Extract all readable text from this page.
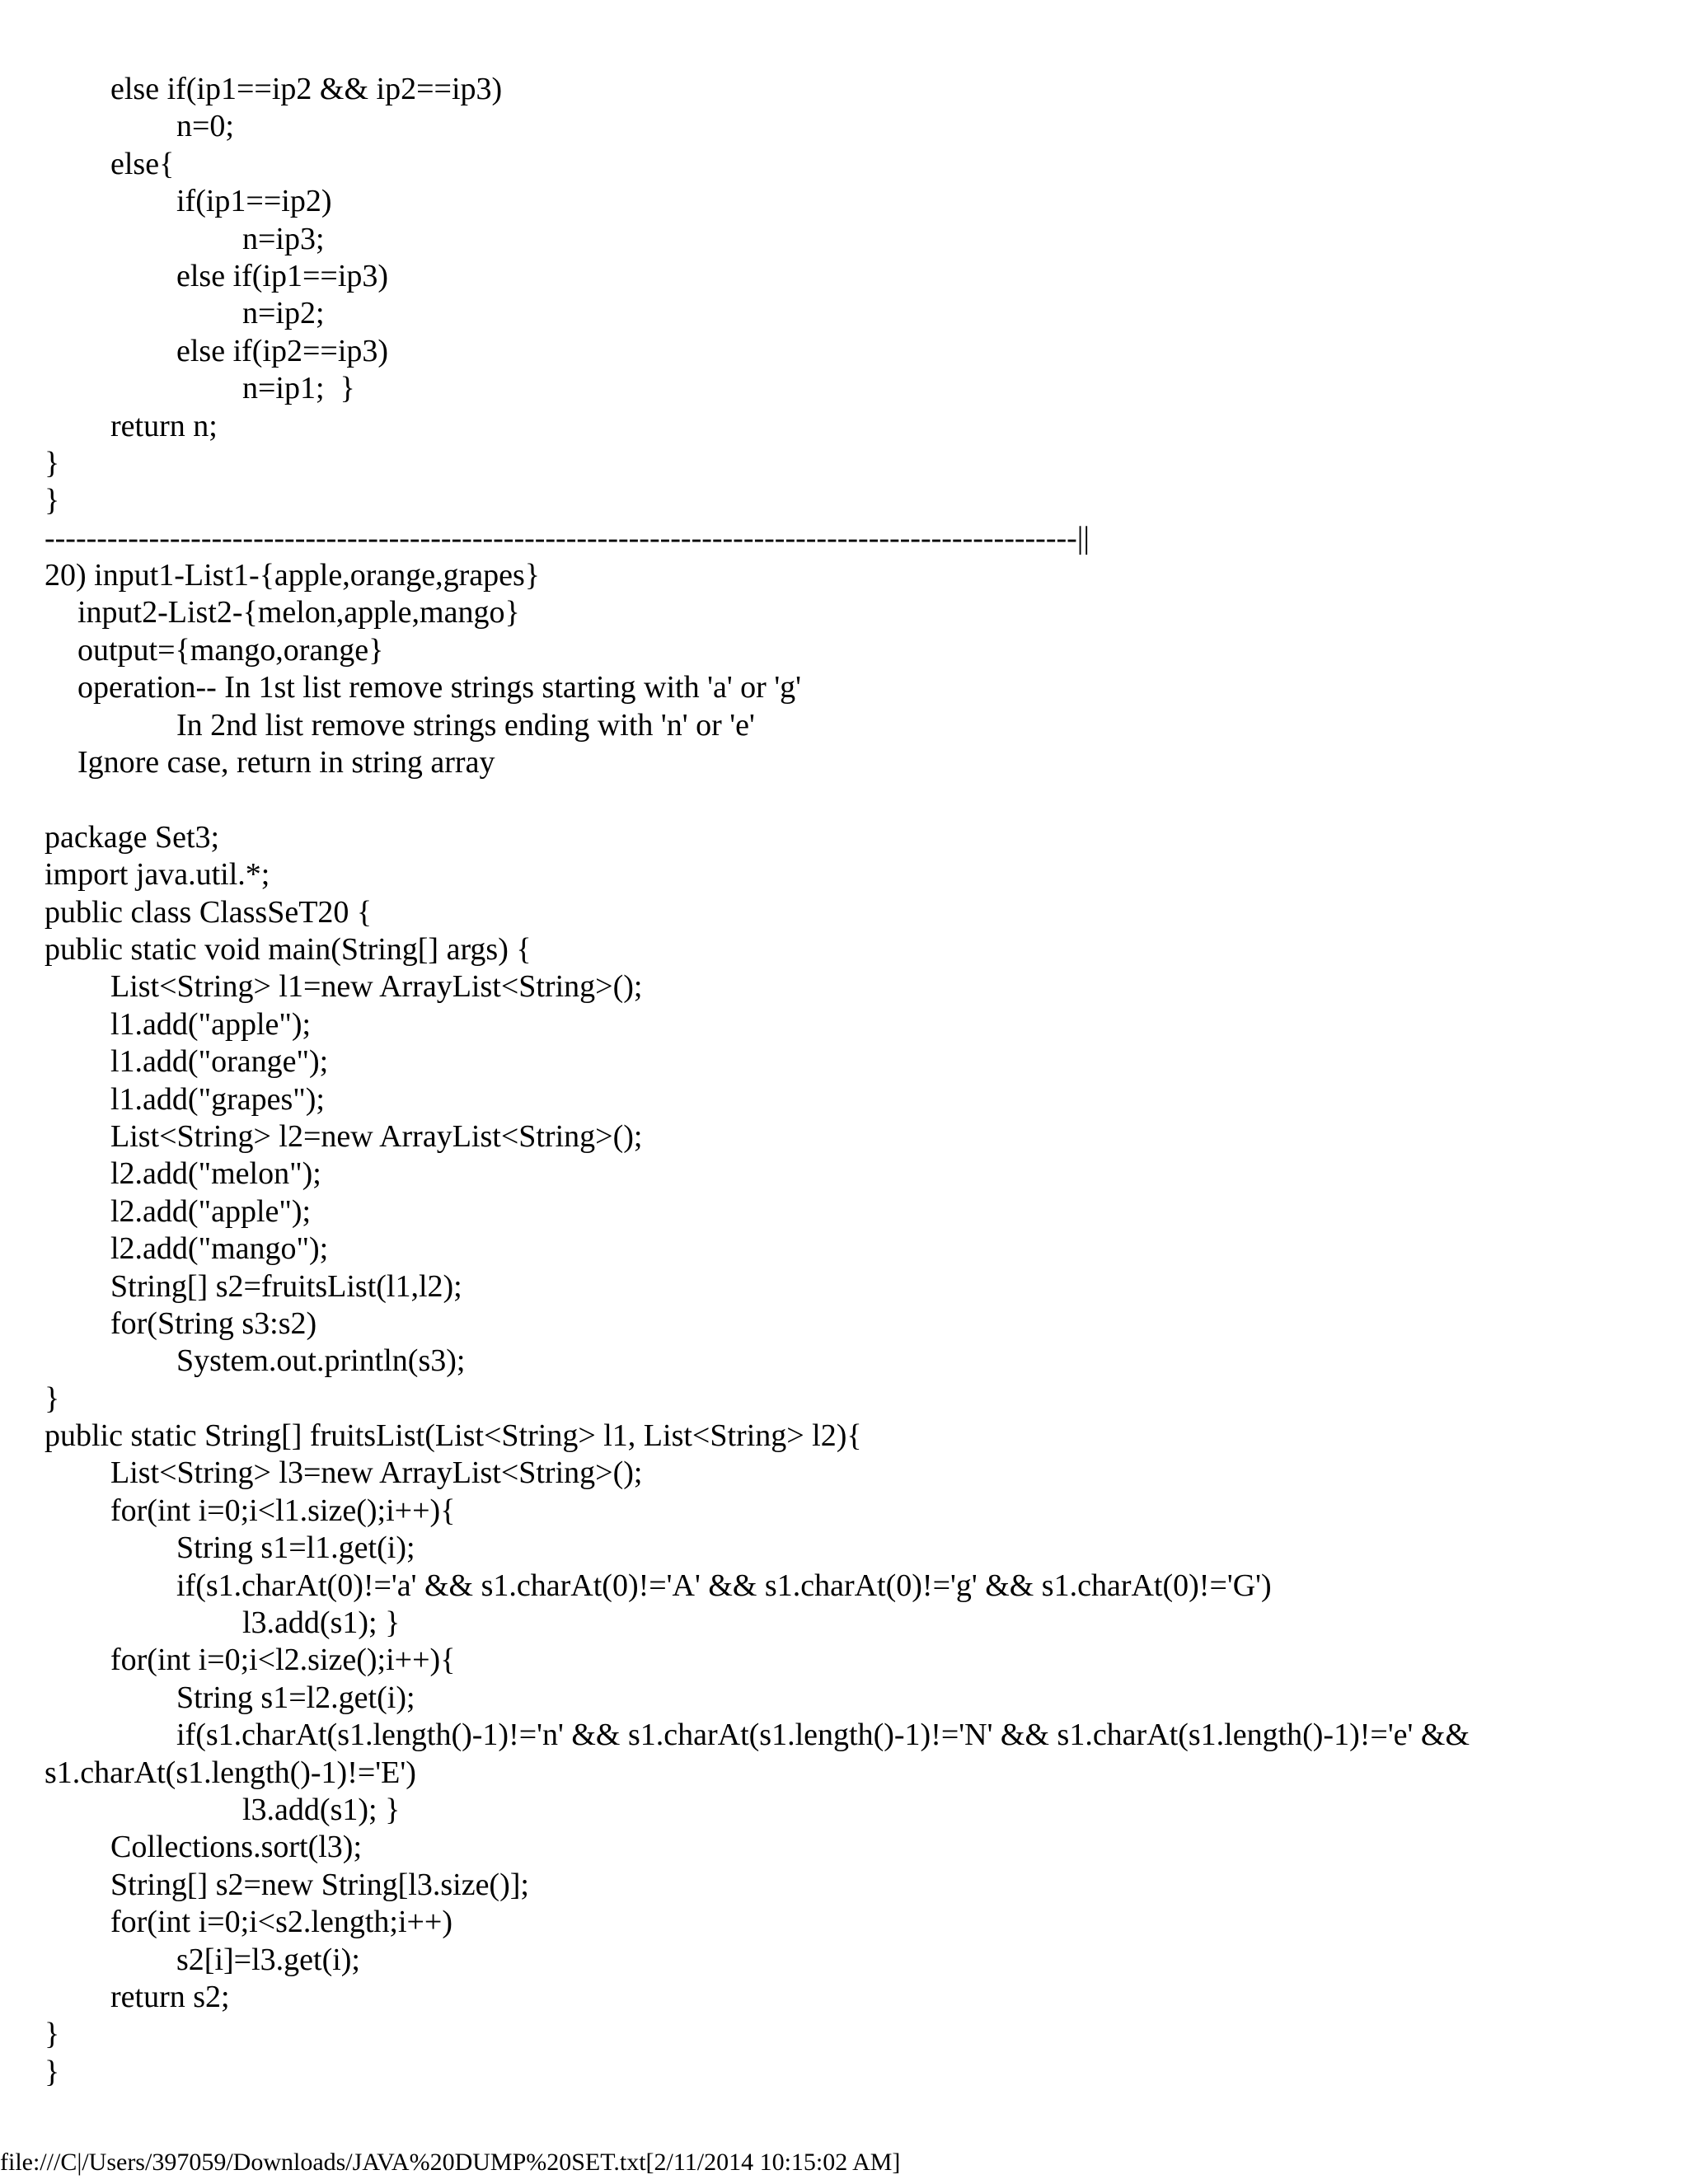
else if(ip1==ip2 && ip2==ip3)
n=0;
else{
if(ip1==ip2)
n=ip3;
else if(ip1==ip3)
n=ip2;
else if(ip2==ip3)
n=ip1;  }
return n;
}
}
---------------------------------------------------------------------------------------------------||
20) input1-List1-{apple,orange,grapes}
input2-List2-{melon,apple,mango}
output={mango,orange}
operation-- In 1st list remove strings starting with 'a' or 'g'
In 2nd list remove strings ending with 'n' or 'e'
Ignore case, return in string array
package Set3;
import java.util.*;
public class ClassSeT20 {
public static void main(String[] args) {
List<String> l1=new ArrayList<String>();
l1.add("apple");
l1.add("orange");
l1.add("grapes");
List<String> l2=new ArrayList<String>();
l2.add("melon");
l2.add("apple");
l2.add("mango");
String[] s2=fruitsList(l1,l2);
for(String s3:s2)
System.out.println(s3);
}
public static String[] fruitsList(List<String> l1, List<String> l2){
List<String> l3=new ArrayList<String>();
for(int i=0;i<l1.size();i++){
String s1=l1.get(i);
if(s1.charAt(0)!='a' && s1.charAt(0)!='A' && s1.charAt(0)!='g' && s1.charAt(0)!='G')
l3.add(s1); }
for(int i=0;i<l2.size();i++){
String s1=l2.get(i);
if(s1.charAt(s1.length()-1)!='n' && s1.charAt(s1.length()-1)!='N' && s1.charAt(s1.length()-1)!='e' &&
s1.charAt(s1.length()-1)!='E')
l3.add(s1); }
Collections.sort(l3);
String[] s2=new String[l3.size()];
for(int i=0;i<s2.length;i++)
s2[i]=l3.get(i);
return s2;
}
}
file:///C|/Users/397059/Downloads/JAVA%20DUMP%20SET.txt[2/11/2014 10:15:02 AM]
